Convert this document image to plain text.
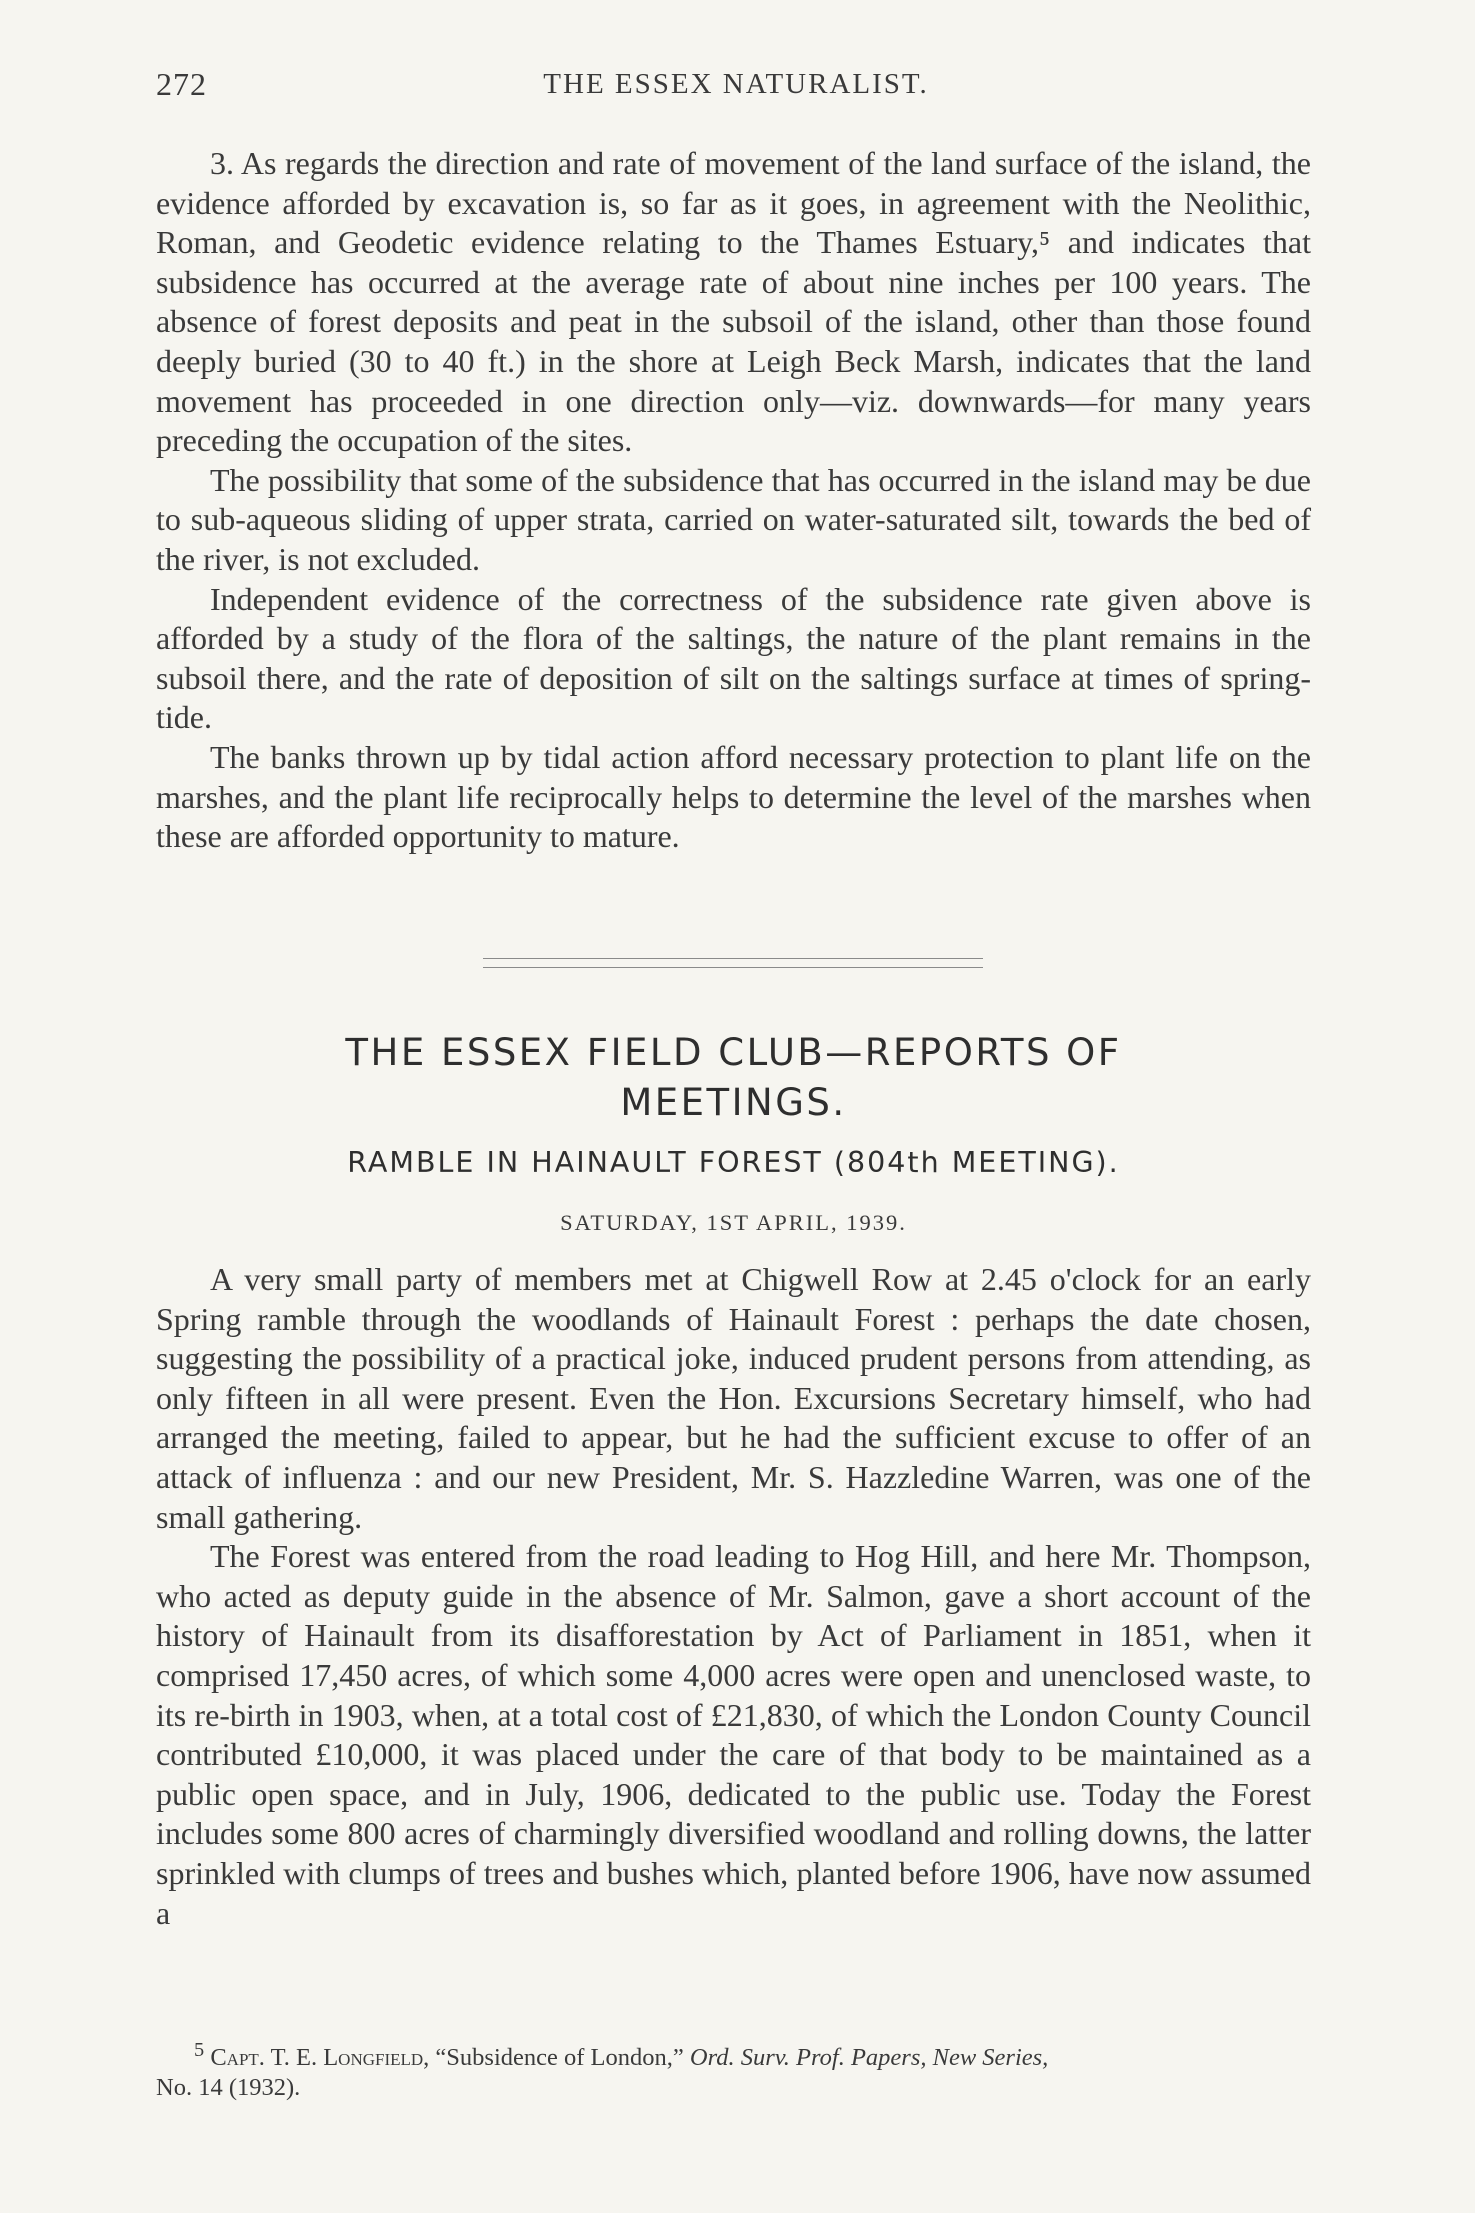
272	THE ESSEX NATURALIST.

3. As regards the direction and rate of movement of the land surface of the island, the evidence afforded by excavation is, so far as it goes, in agreement with the Neolithic, Roman, and Geodetic evidence relating to the Thames Estuary,⁵ and indicates that subsidence has occurred at the average rate of about nine inches per 100 years. The absence of forest deposits and peat in the subsoil of the island, other than those found deeply buried (30 to 40 ft.) in the shore at Leigh Beck Marsh, indicates that the land movement has proceeded in one direction only—viz. downwards—for many years preceding the occupation of the sites.

The possibility that some of the subsidence that has occurred in the island may be due to sub-aqueous sliding of upper strata, carried on water-saturated silt, towards the bed of the river, is not excluded.

Independent evidence of the correctness of the subsidence rate given above is afforded by a study of the flora of the saltings, the nature of the plant remains in the subsoil there, and the rate of deposition of silt on the saltings surface at times of spring-tide.

The banks thrown up by tidal action afford necessary protection to plant life on the marshes, and the plant life reciprocally helps to determine the level of the marshes when these are afforded opportunity to mature.

THE ESSEX FIELD CLUB—REPORTS OF
MEETINGS.
RAMBLE IN HAINAULT FOREST (804th MEETING).
SATURDAY, 1ST APRIL, 1939.

A very small party of members met at Chigwell Row at 2.45 o'clock for an early Spring ramble through the woodlands of Hainault Forest : perhaps the date chosen, suggesting the possibility of a practical joke, induced prudent persons from attending, as only fifteen in all were present. Even the Hon. Excursions Secretary himself, who had arranged the meeting, failed to appear, but he had the sufficient excuse to offer of an attack of influenza : and our new President, Mr. S. Hazzledine Warren, was one of the small gathering.

The Forest was entered from the road leading to Hog Hill, and here Mr. Thompson, who acted as deputy guide in the absence of Mr. Salmon, gave a short account of the history of Hainault from its disafforestation by Act of Parliament in 1851, when it comprised 17,450 acres, of which some 4,000 acres were open and unenclosed waste, to its re-birth in 1903, when, at a total cost of £21,830, of which the London County Council contributed £10,000, it was placed under the care of that body to be maintained as a public open space, and in July, 1906, dedicated to the public use. Today the Forest includes some 800 acres of charmingly diversified woodland and rolling downs, the latter sprinkled with clumps of trees and bushes which, planted before 1906, have now assumed a

$^5$ Capt. T. E. Longfield, “Subsidence of London,” Ord. Surv. Prof. Papers, New Series,
No. 14 (1932).
